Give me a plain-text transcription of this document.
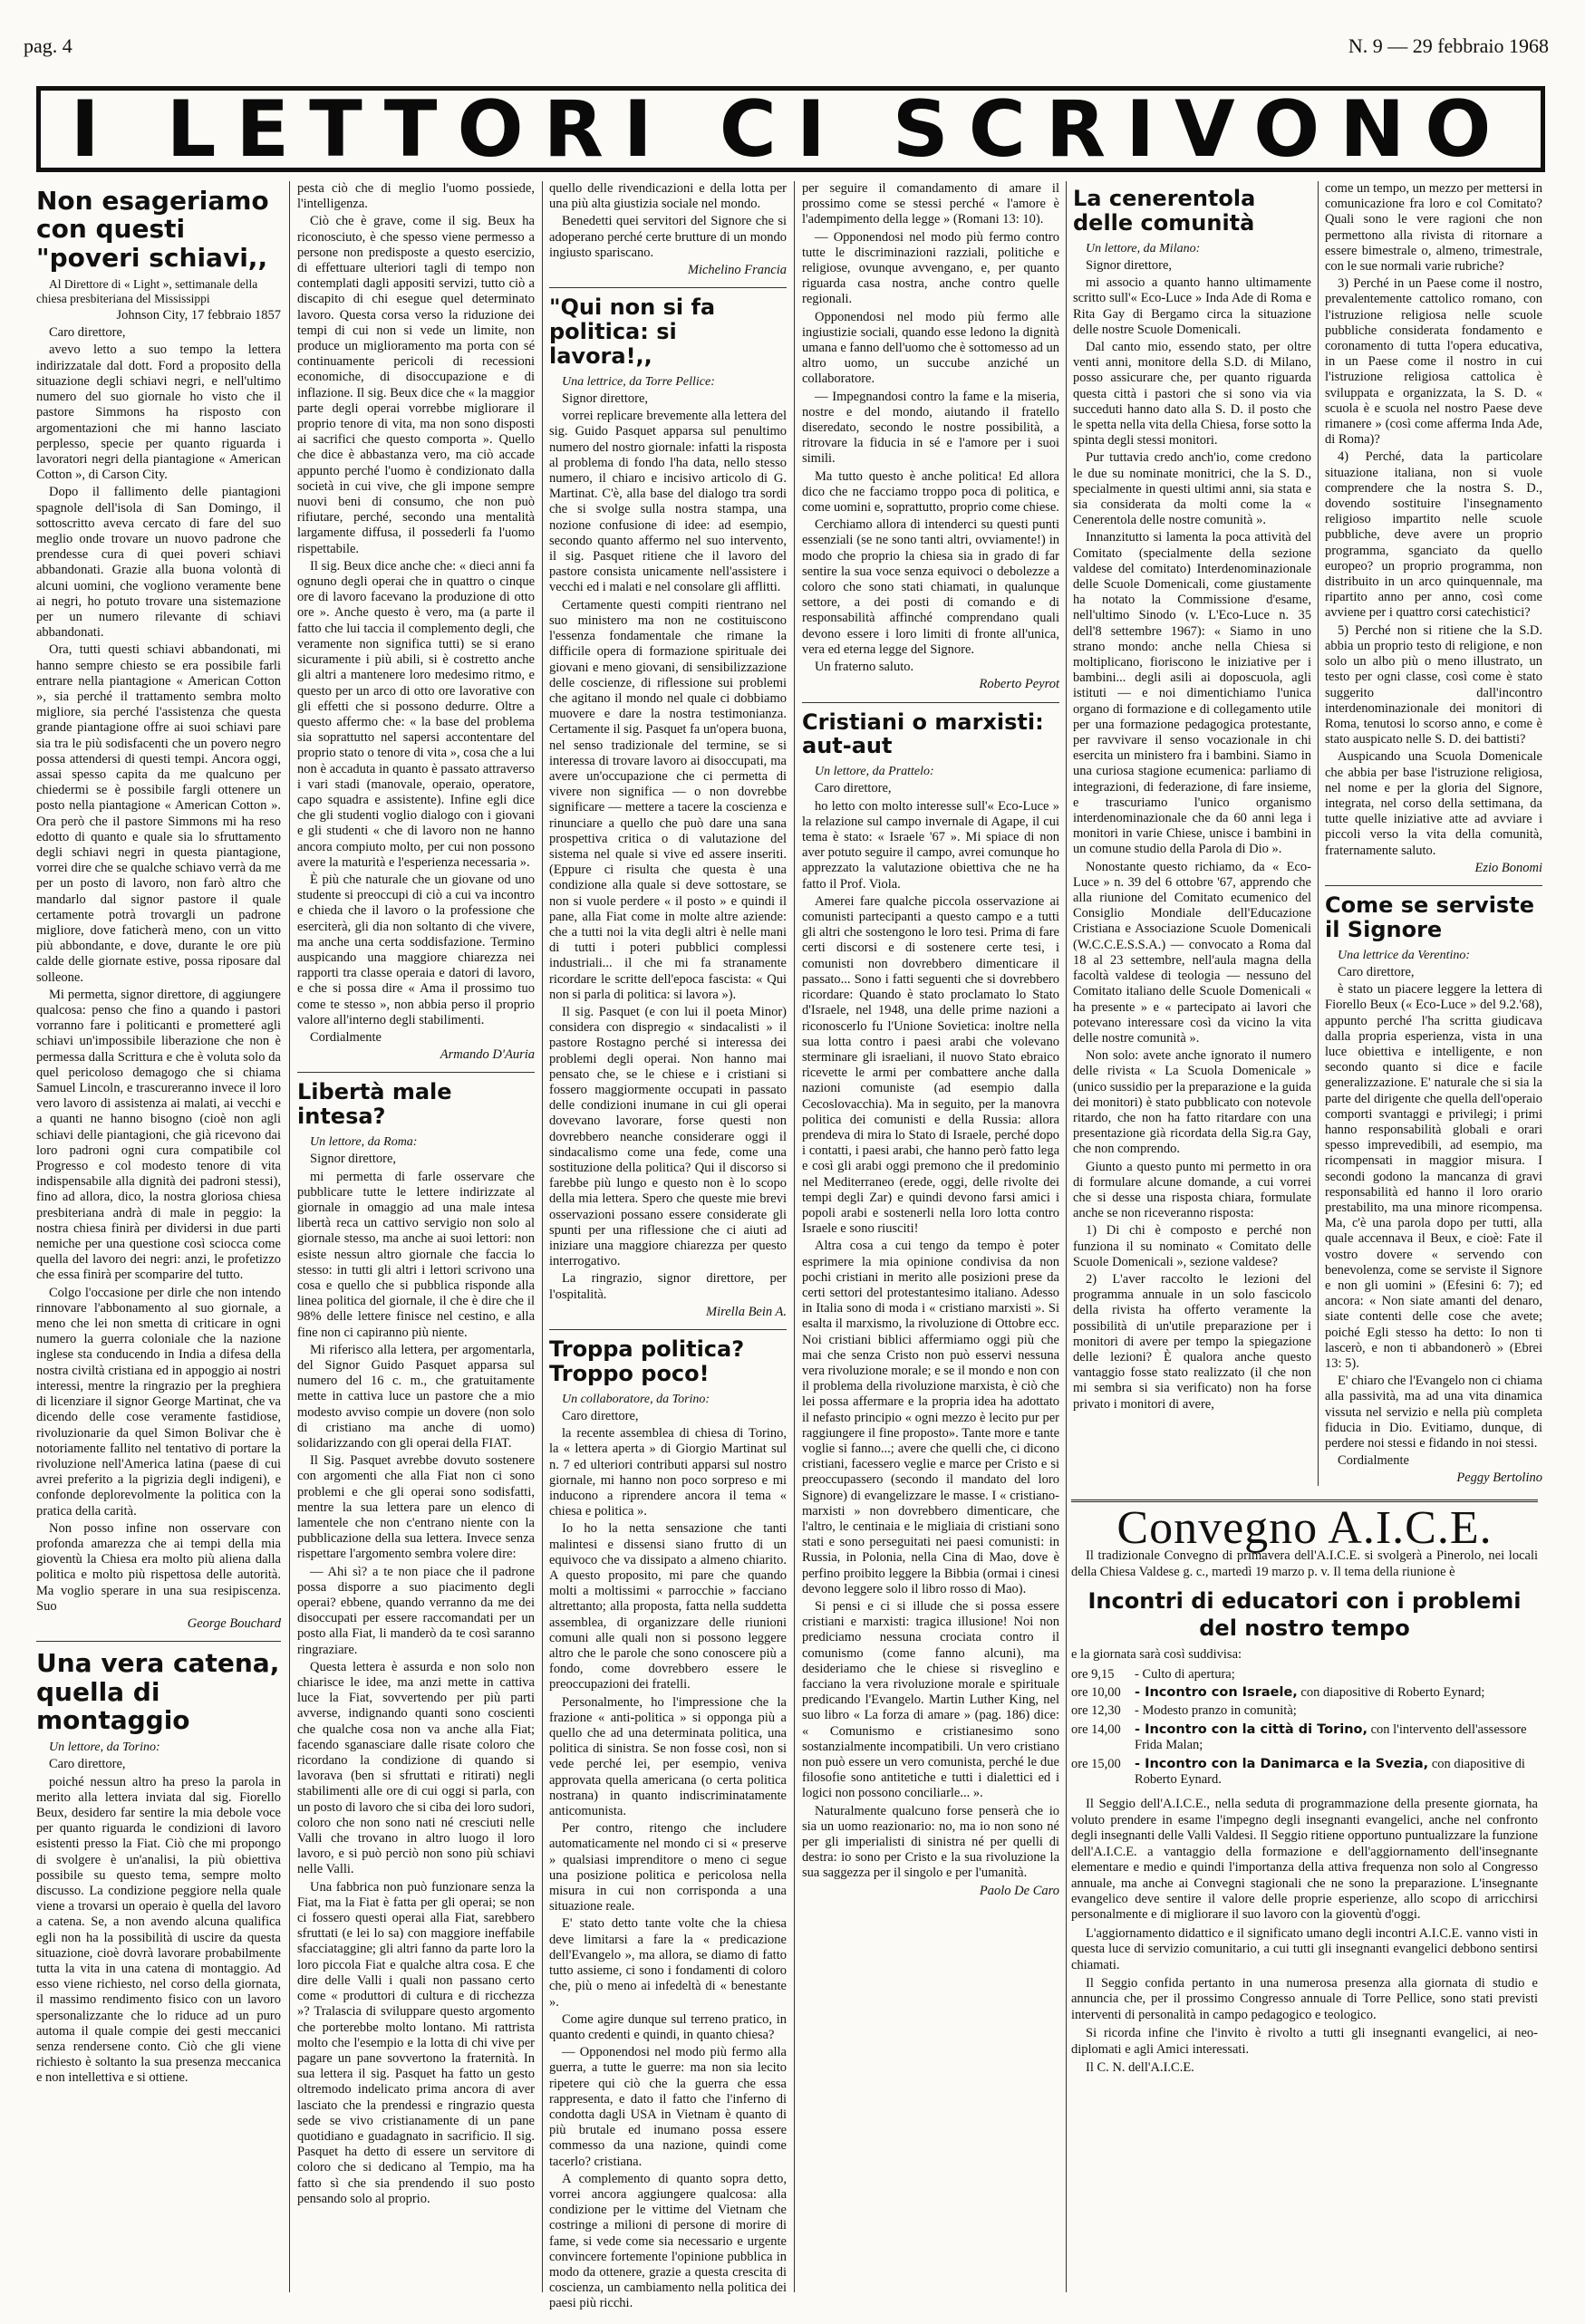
pag. 4	N. 9 — 29 febbraio 1968
I LETTORI CI SCRIVONO
Non esageriamo con questi "poveri schiavi,,

Al Direttore di « Light », settimanale della chiesa presbiteriana del Mississippi

Johnson City, 17 febbraio 1857

Caro direttore,

avevo letto a suo tempo la lettera indirizzatale dal dott. Ford a proposito della situazione degli schiavi negri, e nell'ultimo numero del suo giornale ho visto che il pastore Simmons ha risposto con argomentazioni che mi hanno lasciato perplesso, specie per quanto riguarda i lavoratori negri della piantagione « American Cotton », di Carson City.

Dopo il fallimento delle piantagioni spagnole dell'isola di San Domingo, il sottoscritto aveva cercato di fare del suo meglio onde trovare un nuovo padrone che prendesse cura di quei poveri schiavi abbandonati. Grazie alla buona volontà di alcuni uomini, che vogliono veramente bene ai negri, ho potuto trovare una sistemazione per un numero rilevante di schiavi abbandonati.

Ora, tutti questi schiavi abbandonati, mi hanno sempre chiesto se era possibile farli entrare nella piantagione « American Cotton », sia perché il trattamento sembra molto migliore, sia perché l'assistenza che questa grande piantagione offre ai suoi schiavi pare sia tra le più sodisfacenti che un povero negro possa attendersi di questi tempi. Ancora oggi, assai spesso capita da me qualcuno per chiedermi se è possibile fargli ottenere un posto nella piantagione « American Cotton ». Ora però che il pastore Simmons mi ha reso edotto di quanto e quale sia lo sfruttamento degli schiavi negri in questa piantagione, vorrei dire che se qualche schiavo verrà da me per un posto di lavoro, non farò altro che mandarlo dal signor pastore il quale certamente potrà trovargli un padrone migliore, dove faticherà meno, con un vitto più abbondante, e dove, durante le ore più calde delle giornate estive, possa riposare dal solleone.

Mi permetta, signor direttore, di aggiungere qualcosa: penso che fino a quando i pastori vorranno fare i politicanti e prometteré agli schiavi un'impossibile liberazione che non è permessa dalla Scrittura e che è voluta solo da quel pericoloso demagogo che si chiama Samuel Lincoln, e trascureranno invece il loro vero lavoro di assistenza ai malati, ai vecchi e a quanti ne hanno bisogno (cioè non agli schiavi delle piantagioni, che già ricevono dai loro padroni ogni cura compatibile col Progresso e col modesto tenore di vita indispensabile alla dignità dei padroni stessi), fino ad allora, dico, la nostra gloriosa chiesa presbiteriana andrà di male in peggio: la nostra chiesa finirà per dividersi in due parti nemiche per una questione così sciocca come quella del lavoro dei negri: anzi, le profetizzo che essa finirà per scomparire del tutto.

Colgo l'occasione per dirle che non intendo rinnovare l'abbonamento al suo giornale, a meno che lei non smetta di criticare in ogni numero la guerra coloniale che la nazione inglese sta conducendo in India a difesa della nostra civiltà cristiana ed in appoggio ai nostri interessi, mentre la ringrazio per la preghiera di licenziare il signor George Martinat, che va dicendo delle cose veramente fastidiose, rivoluzionarie da quel Simon Bolivar che è notoriamente fallito nel tentativo di portare la rivoluzione nell'America latina (paese di cui avrei preferito a la pigrizia degli indigeni), e confonde deplorevolmente la politica con la pratica della carità.

Non posso infine non osservare con profonda amarezza che ai tempi della mia gioventù la Chiesa era molto più aliena dalla politica e molto più rispettosa delle autorità. Ma voglio sperare in una sua resipiscenza. Suo

George Bouchard

Una vera catena, quella di montaggio

Un lettore, da Torino:

Caro direttore,

poiché nessun altro ha preso la parola in merito alla lettera inviata dal sig. Fiorello Beux, desidero far sentire la mia debole voce per quanto riguarda le condizioni di lavoro esistenti presso la Fiat. Ciò che mi propongo di svolgere è un'analisi, la più obiettiva possibile su questo tema, sempre molto discusso. La condizione peggiore nella quale viene a trovarsi un operaio è quella del lavoro a catena. Se, a non avendo alcuna qualifica egli non ha la possibilità di uscire da questa situazione, cioè dovrà lavorare probabilmente tutta la vita in una catena di montaggio. Ad esso viene richiesto, nel corso della giornata, il massimo rendimento fisico con un lavoro spersonalizzante che lo riduce ad un puro automa il quale compie dei gesti meccanici senza rendersene conto. Ciò che gli viene richiesto è soltanto la sua presenza meccanica e non intellettiva e si ottiene.

pesta ciò che di meglio l'uomo possiede, l'intelligenza.

Ciò che è grave, come il sig. Beux ha riconosciuto, è che spesso viene permesso a persone non predisposte a questo esercizio, di effettuare ulteriori tagli di tempo non contemplati dagli appositi servizi, tutto ciò a discapito di chi esegue quel determinato lavoro. Questa corsa verso la riduzione dei tempi di cui non si vede un limite, non produce un miglioramento ma porta con sé continuamente pericoli di recessioni economiche, di disoccupazione e di inflazione. Il sig. Beux dice che « la maggior parte degli operai vorrebbe migliorare il proprio tenore di vita, ma non sono disposti ai sacrifici che questo comporta ». Quello che dice è abbastanza vero, ma ciò accade appunto perché l'uomo è condizionato dalla società in cui vive, che gli impone sempre nuovi beni di consumo, che non può rifiutare, perché, secondo una mentalità largamente diffusa, il possederli fa l'uomo rispettabile.

Il sig. Beux dice anche che: « dieci anni fa ognuno degli operai che in quattro o cinque ore di lavoro facevano la produzione di otto ore ». Anche questo è vero, ma (a parte il fatto che lui taccia il complemento degli, che veramente non significa tutti) se si erano sicuramente i più abili, si è costretto anche gli altri a mantenere loro medesimo ritmo, e questo per un arco di otto ore lavorative con gli effetti che si possono dedurre. Oltre a questo affermo che: « la base del problema sia soprattutto nel sapersi accontentare del proprio stato o tenore di vita », cosa che a lui non è accaduta in quanto è passato attraverso i vari stadi (manovale, operaio, operatore, capo squadra e assistente). Infine egli dice che gli studenti voglio dialogo con i giovani e gli studenti « che di lavoro non ne hanno ancora compiuto molto, per cui non possono avere la maturità e l'esperienza necessaria ».

È più che naturale che un giovane od uno studente si preoccupi di ciò a cui va incontro e chieda che il lavoro o la professione che eserciterà, gli dia non soltanto di che vivere, ma anche una certa soddisfazione. Termino auspicando una maggiore chiarezza nei rapporti tra classe operaia e datori di lavoro, e che si possa dire « Ama il prossimo tuo come te stesso », non abbia perso il proprio valore all'interno degli stabilimenti.

Cordialmente

Armando D'Auria

Libertà male intesa?

Un lettore, da Roma:

Signor direttore,

mi permetta di farle osservare che pubblicare tutte le lettere indirizzate al giornale in omaggio ad una male intesa libertà reca un cattivo servigio non solo al giornale stesso, ma anche ai suoi lettori: non esiste nessun altro giornale che faccia lo stesso: in tutti gli altri i lettori scrivono una cosa e quello che si pubblica risponde alla linea politica del giornale, il che è dire che il 98% delle lettere finisce nel cestino, e alla fine non ci capiranno più niente.

Mi riferisco alla lettera, per argomentarla, del Signor Guido Pasquet apparsa sul numero del 16 c. m., che gratuitamente mette in cattiva luce un pastore che a mio modesto avviso compie un dovere (non solo di cristiano ma anche di uomo) solidarizzando con gli operai della FIAT.

Il Sig. Pasquet avrebbe dovuto sostenere con argomenti che alla Fiat non ci sono problemi e che gli operai sono sodisfatti, mentre la sua lettera pare un elenco di lamentele che non c'entrano niente con la pubblicazione della sua lettera. Invece senza rispettare l'argomento sembra volere dire:

— Ahi sì? a te non piace che il padrone possa disporre a suo piacimento degli operai? ebbene, quando verranno da me dei disoccupati per essere raccomandati per un posto alla Fiat, li manderò da te così saranno ringraziare.

Questa lettera è assurda e non solo non chiarisce le idee, ma anzi mette in cattiva luce la Fiat, sovvertendo per più parti avverse, indignando quanti sono coscienti che qualche cosa non va anche alla Fiat; facendo sganasciare dalle risate coloro che ricordano la condizione di quando si lavorava (ben si sfruttati e ritirati) negli stabilimenti alle ore di cui oggi si parla, con un posto di lavoro che si ciba dei loro sudori, coloro che non sono nati né cresciuti nelle Valli che trovano in altro luogo il loro lavoro, e si può perciò non sono più schiavi nelle Valli.

Una fabbrica non può funzionare senza la Fiat, ma la Fiat è fatta per gli operai; se non ci fossero questi operai alla Fiat, sarebbero sfruttati (e lei lo sa) con maggiore ineffabile sfacciataggine; gli altri fanno da parte loro la loro piccola Fiat e qualche altra cosa. E che dire delle Valli i quali non passano certo come « produttori di cultura e di ricchezza »? Tralascia di sviluppare questo argomento che porterebbe molto lontano. Mi rattrista molto che l'esempio e la lotta di chi vive per pagare un pane sovvertono la fraternità. In sua lettera il sig. Pasquet ha fatto un gesto oltremodo indelicato prima ancora di aver lasciato che la prendessi e ringrazio questa sede se vivo cristianamente di un pane quotidiano e guadagnato in sacrificio. Il sig. Pasquet ha detto di essere un servitore di coloro che si dedicano al Tempio, ma ha fatto sì che sia prendendo il suo posto pensando solo al proprio.

quello delle rivendicazioni e della lotta per una più alta giustizia sociale nel mondo.

Benedetti quei servitori del Signore che si adoperano perché certe brutture di un mondo ingiusto spariscano.

Michelino Francia

"Qui non si fa politica: si lavora!,,

Una lettrice, da Torre Pellice:

Signor direttore,

vorrei replicare brevemente alla lettera del sig. Guido Pasquet apparsa sul penultimo numero del nostro giornale: infatti la risposta al problema di fondo l'ha data, nello stesso numero, il chiaro e incisivo articolo di G. Martinat. C'è, alla base del dialogo tra sordi che si svolge sulla nostra stampa, una nozione confusione di idee: ad esempio, secondo quanto affermo nel suo intervento, il sig. Pasquet ritiene che il lavoro del pastore consista unicamente nell'assistere i vecchi ed i malati e nel consolare gli afflitti.

Certamente questi compiti rientrano nel suo ministero ma non ne costituiscono l'essenza fondamentale che rimane la difficile opera di formazione spirituale dei giovani e meno giovani, di sensibilizzazione delle coscienze, di riflessione sui problemi che agitano il mondo nel quale ci dobbiamo muovere e dare la nostra testimonianza. Certamente il sig. Pasquet fa un'opera buona, nel senso tradizionale del termine, se si interessa di trovare lavoro ai disoccupati, ma avere un'occupazione che ci permetta di vivere non significa — o non dovrebbe significare — mettere a tacere la coscienza e rinunciare a quello che può dare una sana prospettiva critica o di valutazione del sistema nel quale si vive ed assere inseriti. (Eppure ci risulta che questa è una condizione alla quale si deve sottostare, se non si vuole perdere « il posto » e quindi il pane, alla Fiat come in molte altre aziende: che a tutti noi la vita degli altri è nelle mani di tutti i poteri pubblici complessi industriali... il che mi fa stranamente ricordare le scritte dell'epoca fascista: « Qui non si parla di politica: si lavora »).

Il sig. Pasquet (e con lui il poeta Minor) considera con dispregio « sindacalisti » il pastore Rostagno perché si interessa dei problemi degli operai. Non hanno mai pensato che, se le chiese e i cristiani si fossero maggiormente occupati in passato delle condizioni inumane in cui gli operai dovevano lavorare, forse questi non dovrebbero neanche considerare oggi il sindacalismo come una fede, come una sostituzione della politica? Qui il discorso si farebbe più lungo e questo non è lo scopo della mia lettera. Spero che queste mie brevi osservazioni possano essere considerate gli spunti per una riflessione che ci aiuti ad iniziare una maggiore chiarezza per questo interrogativo.

La ringrazio, signor direttore, per l'ospitalità.

Mirella Bein A.

Troppa politica? Troppo poco!

Un collaboratore, da Torino:

Caro direttore,

la recente assemblea di chiesa di Torino, la « lettera aperta » di Giorgio Martinat sul n. 7 ed ulteriori contributi apparsi sul nostro giornale, mi hanno non poco sorpreso e mi inducono a riprendere ancora il tema « chiesa e politica ».

Io ho la netta sensazione che tanti malintesi e dissensi siano frutto di un equivoco che va dissipato a almeno chiarito. A questo proposito, mi pare che quando molti a moltissimi « parrocchie » facciano altrettanto; alla proposta, fatta nella suddetta assemblea, di organizzare delle riunioni comuni alle quali non si possono leggere altro che le parole che sono conoscere più a fondo, come dovrebbero essere le preoccupazioni dei fratelli.

Personalmente, ho l'impressione che la frazione « anti-politica » si opponga più a quello che ad una determinata politica, una politica di sinistra. Se non fosse così, non si vede perché lei, per esempio, veniva approvata quella americana (o certa politica nostrana) in quanto indiscriminatamente anticomunista.

Per contro, ritengo che includere automaticamente nel mondo ci si « preserve » qualsiasi imprenditore o meno ci segue una posizione politica e pericolosa nella misura in cui non corrisponda a una situazione reale.

E' stato detto tante volte che la chiesa deve limitarsi a fare la « predicazione dell'Evangelo », ma allora, se diamo di fatto tutto assieme, ci sono i fondamenti di coloro che, più o meno ai infedeltà di « benestante ».

Come agire dunque sul terreno pratico, in quanto credenti e quindi, in quanto chiesa?

— Opponendosi nel modo più fermo alla guerra, a tutte le guerre: ma non sia lecito ripetere qui ciò che la guerra che essa rappresenta, e dato il fatto che l'inferno di condotta dagli USA in Vietnam è quanto di più brutale ed inumano possa essere commesso da una nazione, quindi come tacerlo? cristiana.

A complemento di quanto sopra detto, vorrei ancora aggiungere qualcosa: alla condizione per le vittime del Vietnam che costringe a milioni di persone di morire di fame, si vede come sia necessario e urgente convincere fortemente l'opinione pubblica in modo da ottenere, grazie a questa crescita di coscienza, un cambiamento nella politica dei paesi più ricchi.

per seguire il comandamento di amare il prossimo come se stessi perché « l'amore è l'adempimento della legge » (Romani 13: 10).

— Opponendosi nel modo più fermo contro tutte le discriminazioni razziali, politiche e religiose, ovunque avvengano, e, per quanto riguarda casa nostra, anche contro quelle regionali.

Opponendosi nel modo più fermo alle ingiustizie sociali, quando esse ledono la dignità umana e fanno dell'uomo che è sottomesso ad un altro uomo, un succube anziché un collaboratore.

— Impegnandosi contro la fame e la miseria, nostre e del mondo, aiutando il fratello diseredato, secondo le nostre possibilità, a ritrovare la fiducia in sé e l'amore per i suoi simili.

Ma tutto questo è anche politica! Ed allora dico che ne facciamo troppo poca di politica, e come uomini e, soprattutto, proprio come chiese.

Cerchiamo allora di intenderci su questi punti essenziali (se ne sono tanti altri, ovviamente!) in modo che proprio la chiesa sia in grado di far sentire la sua voce senza equivoci o debolezze a coloro che sono stati chiamati, in qualunque settore, a dei posti di comando e di responsabilità affinché comprendano quali devono essere i loro limiti di fronte all'unica, vera ed eterna legge del Signore.

Un fraterno saluto.

Roberto Peyrot

Cristiani o marxisti: aut-aut

Un lettore, da Prattelo:

Caro direttore,

ho letto con molto interesse sull'« Eco-Luce » la relazione sul campo invernale di Agape, il cui tema è stato: « Israele '67 ». Mi spiace di non aver potuto seguire il campo, avrei comunque ho apprezzato la valutazione obiettiva che ne ha fatto il Prof. Viola.

Amerei fare qualche piccola osservazione ai comunisti partecipanti a questo campo e a tutti gli altri che sostengono le loro tesi. Prima di fare certi discorsi e di sostenere certe tesi, i comunisti non dovrebbero dimenticare il passato... Sono i fatti seguenti che si dovrebbero ricordare: Quando è stato proclamato lo Stato d'Israele, nel 1948, una delle prime nazioni a riconoscerlo fu l'Unione Sovietica: inoltre nella sua lotta contro i paesi arabi che volevano sterminare gli israeliani, il nuovo Stato ebraico ricevette le armi per combattere anche dalla nazioni comuniste (ad esempio dalla Cecoslovacchia). Ma in seguito, per la manovra politica dei comunisti e della Russia: allora prendeva di mira lo Stato di Israele, perché dopo i contatti, i paesi arabi, che hanno però fatto lega e così gli arabi oggi premono che il predominio nel Mediterraneo (erede, oggi, delle rivolte dei tempi degli Zar) e quindi devono farsi amici i popoli arabi e sostenerli nella loro lotta contro Israele e sono riusciti!

Altra cosa a cui tengo da tempo è poter esprimere la mia opinione condivisa da non pochi cristiani in merito alle posizioni prese da certi settori del protestantesimo italiano. Adesso in Italia sono di moda i « cristiano marxisti ». Si esalta il marxismo, la rivoluzione di Ottobre ecc. Noi cristiani biblici affermiamo oggi più che mai che senza Cristo non può esservi nessuna vera rivoluzione morale; e se il mondo e non con il problema della rivoluzione marxista, è ciò che lei possa affermare e la propria idea ha adottato il nefasto principio « ogni mezzo è lecito pur per raggiungere il fine proposto». Tante more e tante voglie si fanno...; avere che quelli che, ci dicono cristiani, facessero veglie e marce per Cristo e si preoccupassero (secondo il mandato del loro Signore) di evangelizzare le masse. I « cristiano-marxisti » non dovrebbero dimenticare, che l'altro, le centinaia e le migliaia di cristiani sono stati e sono perseguitati nei paesi comunisti: in Russia, in Polonia, nella Cina di Mao, dove è perfino proibito leggere la Bibbia (ormai i cinesi devono leggere solo il libro rosso di Mao).

Si pensi e ci si illude che si possa essere cristiani e marxisti: tragica illusione! Noi non prediciamo nessuna crociata contro il comunismo (come fanno alcuni), ma desideriamo che le chiese si risveglino e facciano la vera rivoluzione morale e spirituale predicando l'Evangelo. Martin Luther King, nel suo libro « La forza di amare » (pag. 186) dice: « Comunismo e cristianesimo sono sostanzialmente incompatibili. Un vero cristiano non può essere un vero comunista, perché le due filosofie sono antitetiche e tutti i dialettici ed i logici non possono conciliarle... ».

Naturalmente qualcuno forse penserà che io sia un uomo reazionario: no, ma io non sono né per gli imperialisti di sinistra né per quelli di destra: io sono per Cristo e la sua rivoluzione la sua saggezza per il singolo e per l'umanità.

Paolo De Caro

La cenerentola delle comunità

Un lettore, da Milano:

Signor direttore,

mi associo a quanto hanno ultimamente scritto sull'« Eco-Luce » Inda Ade di Roma e Rita Gay di Bergamo circa la situazione delle nostre Scuole Domenicali.

Dal canto mio, essendo stato, per oltre venti anni, monitore della S.D. di Milano, posso assicurare che, per quanto riguarda questa città i pastori che si sono via via succeduti hanno dato alla S. D. il posto che le spetta nella vita della Chiesa, forse sotto la spinta degli stessi monitori.

Pur tuttavia credo anch'io, come credono le due su nominate monitrici, che la S. D., specialmente in questi ultimi anni, sia stata e sia considerata da molti come la « Cenerentola delle nostre comunità ».

Innanzitutto si lamenta la poca attività del Comitato (specialmente della sezione valdese del comitato) Interdenominazionale delle Scuole Domenicali, come giustamente ha notato la Commissione d'esame, nell'ultimo Sinodo (v. L'Eco-Luce n. 35 dell'8 settembre 1967): « Siamo in uno strano mondo: anche nella Chiesa si moltiplicano, fioriscono le iniziative per i bambini... degli asili ai doposcuola, agli istituti — e noi dimentichiamo l'unica organo di formazione e di collegamento utile per una formazione pedagogica protestante, per ravvivare il senso vocazionale in chi esercita un ministero fra i bambini. Siamo in una curiosa stagione ecumenica: parliamo di integrazioni, di federazione, di fare insieme, e trascuriamo l'unico organismo interdenominazionale che da 60 anni lega i monitori in varie Chiese, unisce i bambini in un comune studio della Parola di Dio ».

Nonostante questo richiamo, da « Eco-Luce » n. 39 del 6 ottobre '67, apprendo che alla riunione del Comitato ecumenico del Consiglio Mondiale dell'Educazione Cristiana e Associazione Scuole Domenicali (W.C.C.E.S.S.A.) — convocato a Roma dal 18 al 23 settembre, nell'aula magna della facoltà valdese di teologia — nessuno del Comitato italiano delle Scuole Domenicali « ha presente » e « partecipato ai lavori che potevano interessare così da vicino la vita delle nostre comunità ».

Non solo: avete anche ignorato il numero delle rivista « La Scuola Domenicale » (unico sussidio per la preparazione e la guida dei monitori) è stato pubblicato con notevole ritardo, che non ha fatto ritardare con una presentazione già ricordata della Sig.ra Gay, che non comprendo.

Giunto a questo punto mi permetto in ora di formulare alcune domande, a cui vorrei che si desse una risposta chiara, formulate anche se non riceveranno risposta:

1) Di chi è composto e perché non funziona il su nominato « Comitato delle Scuole Domenicali », sezione valdese?

2) L'aver raccolto le lezioni del programma annuale in un solo fascicolo della rivista ha offerto veramente la possibilità di un'utile preparazione per i monitori di avere per tempo la spiegazione delle lezioni? È qualora anche questo vantaggio fosse stato realizzato (il che non mi sembra si sia verificato) non ha forse privato i monitori di avere,

come un tempo, un mezzo per mettersi in comunicazione fra loro e col Comitato? Quali sono le vere ragioni che non permettono alla rivista di ritornare a essere bimestrale o, almeno, trimestrale, con le sue normali varie rubriche?

3) Perché in un Paese come il nostro, prevalentemente cattolico romano, con l'istruzione religiosa nelle scuole pubbliche considerata fondamento e coronamento di tutta l'opera educativa, in un Paese come il nostro in cui l'istruzione religiosa cattolica è sviluppata e organizzata, la S. D. « scuola è e scuola nel nostro Paese deve rimanere » (così come afferma Inda Ade, di Roma)?

4) Perché, data la particolare situazione italiana, non si vuole comprendere che la nostra S. D., dovendo sostituire l'insegnamento religioso impartito nelle scuole pubbliche, deve avere un proprio programma, sganciato da quello europeo? un proprio programma, non distribuito in un arco quinquennale, ma ripartito anno per anno, così come avviene per i quattro corsi catechistici?

5) Perché non si ritiene che la S.D. abbia un proprio testo di religione, e non solo un albo più o meno illustrato, un testo per ogni classe, così come è stato suggerito dall'incontro interdenominazionale dei monitori di Roma, tenutosi lo scorso anno, e come è stato auspicato nelle S. D. dei battisti?

Auspicando una Scuola Domenicale che abbia per base l'istruzione religiosa, nel nome e per la gloria del Signore, integrata, nel corso della settimana, da tutte quelle iniziative atte ad avviare i piccoli verso la vita della comunità, fraternamente saluto.

Ezio Bonomi

Come se serviste il Signore

Una lettrice da Verentino:

Caro direttore,

è stato un piacere leggere la lettera di Fiorello Beux (« Eco-Luce » del 9.2.'68), appunto perché l'ha scritta giudicava dalla propria esperienza, vista in una luce obiettiva e intelligente, e non secondo quanto si dice e facile generalizzazione. E' naturale che si sia la parte del dirigente che quella dell'operaio comporti svantaggi e privilegi; i primi hanno responsabilità globali e orari spesso imprevedibili, ad esempio, ma ricompensati in maggior misura. I secondi godono la mancanza di gravi responsabilità ed hanno il loro orario prestabilito, ma una minore ricompensa. Ma, c'è una parola dopo per tutti, alla quale accennava il Beux, e cioè: Fate il vostro dovere « servendo con benevolenza, come se serviste il Signore e non gli uomini » (Efesini 6: 7); ed ancora: « Non siate amanti del denaro, siate contenti delle cose che avete; poiché Egli stesso ha detto: Io non ti lascerò, e non ti abbandonerò » (Ebrei 13: 5).

E' chiaro che l'Evangelo non ci chiama alla passività, ma ad una vita dinamica vissuta nel servizio e nella più completa fiducia in Dio. Evitiamo, dunque, di perdere noi stessi e fidando in noi stessi.

Cordialmente

Peggy Bertolino

Convegno A.I.C.E.

Il tradizionale Convegno di primavera dell'A.I.C.E. si svolgerà a Pinerolo, nei locali della Chiesa Valdese g. c., martedì 19 marzo p. v. Il tema della riunione è

Incontri di educatori con i problemi del nostro tempo

e la giornata sarà così suddivisa:

ore 9,15	- Culto di apertura;
ore 10,00	- Incontro con Israele, con diapositive di Roberto Eynard;
ore 12,30	- Modesto pranzo in comunità;
ore 14,00	- Incontro con la città di Torino, con l'intervento dell'assessore Frida Malan;
ore 15,00	- Incontro con la Danimarca e la Svezia, con diapositive di Roberto Eynard.

Il Seggio dell'A.I.C.E., nella seduta di programmazione della presente giornata, ha voluto prendere in esame l'impegno degli insegnanti evangelici, anche nel confronto degli insegnanti delle Valli Valdesi. Il Seggio ritiene opportuno puntualizzare la funzione dell'A.I.C.E. a vantaggio della formazione e dell'aggiornamento dell'insegnante elementare e medio e quindi l'importanza della attiva frequenza non solo al Congresso annuale, ma anche ai Convegni stagionali che ne sono la preparazione. L'insegnante evangelico deve sentire il valore delle proprie esperienze, allo scopo di arricchirsi personalmente e di migliorare il suo lavoro con la gioventù d'oggi.

L'aggiornamento didattico e il significato umano degli incontri A.I.C.E. vanno visti in questa luce di servizio comunitario, a cui tutti gli insegnanti evangelici debbono sentirsi chiamati.

Il Seggio confida pertanto in una numerosa presenza alla giornata di studio e annuncia che, per il prossimo Congresso annuale di Torre Pellice, sono stati previsti interventi di personalità in campo pedagogico e teologico.

Si ricorda infine che l'invito è rivolto a tutti gli insegnanti evangelici, ai neo-diplomati e agli Amici interessati.

Il C. N. dell'A.I.C.E.
